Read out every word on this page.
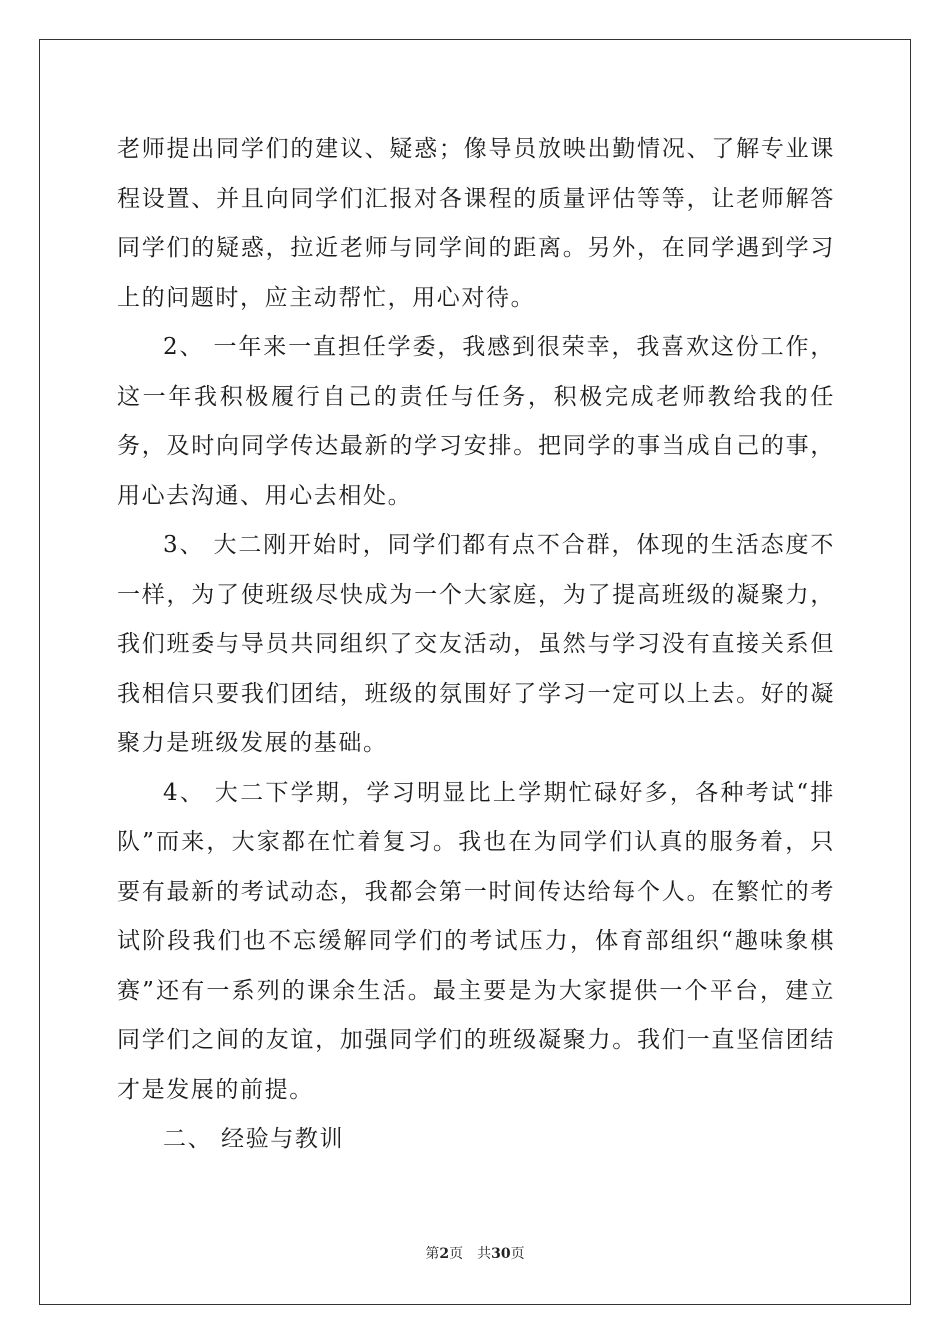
老师提出同学们的建议、疑惑；像导员放映出勤情况、了解专业课程设置、并且向同学们汇报对各课程的质量评估等等，让老师解答同学们的疑惑，拉近老师与同学间的距离。另外，在同学遇到学习上的问题时，应主动帮忙，用心对待。

2、 一年来一直担任学委，我感到很荣幸，我喜欢这份工作，这一年我积极履行自己的责任与任务，积极完成老师教给我的任务，及时向同学传达最新的学习安排。把同学的事当成自己的事，用心去沟通、用心去相处。

3、 大二刚开始时，同学们都有点不合群，体现的生活态度不一样，为了使班级尽快成为一个大家庭，为了提高班级的凝聚力，我们班委与导员共同组织了交友活动，虽然与学习没有直接关系但我相信只要我们团结，班级的氛围好了学习一定可以上去。好的凝聚力是班级发展的基础。

4、 大二下学期，学习明显比上学期忙碌好多，各种考试“排队”而来，大家都在忙着复习。我也在为同学们认真的服务着，只要有最新的考试动态，我都会第一时间传达给每个人。在繁忙的考试阶段我们也不忘缓解同学们的考试压力，体育部组织“趣味象棋赛”还有一系列的课余生活。最主要是为大家提供一个平台，建立同学们之间的友谊，加强同学们的班级凝聚力。我们一直坚信团结才是发展的前提。

二、 经验与教训

第2页 共30页
